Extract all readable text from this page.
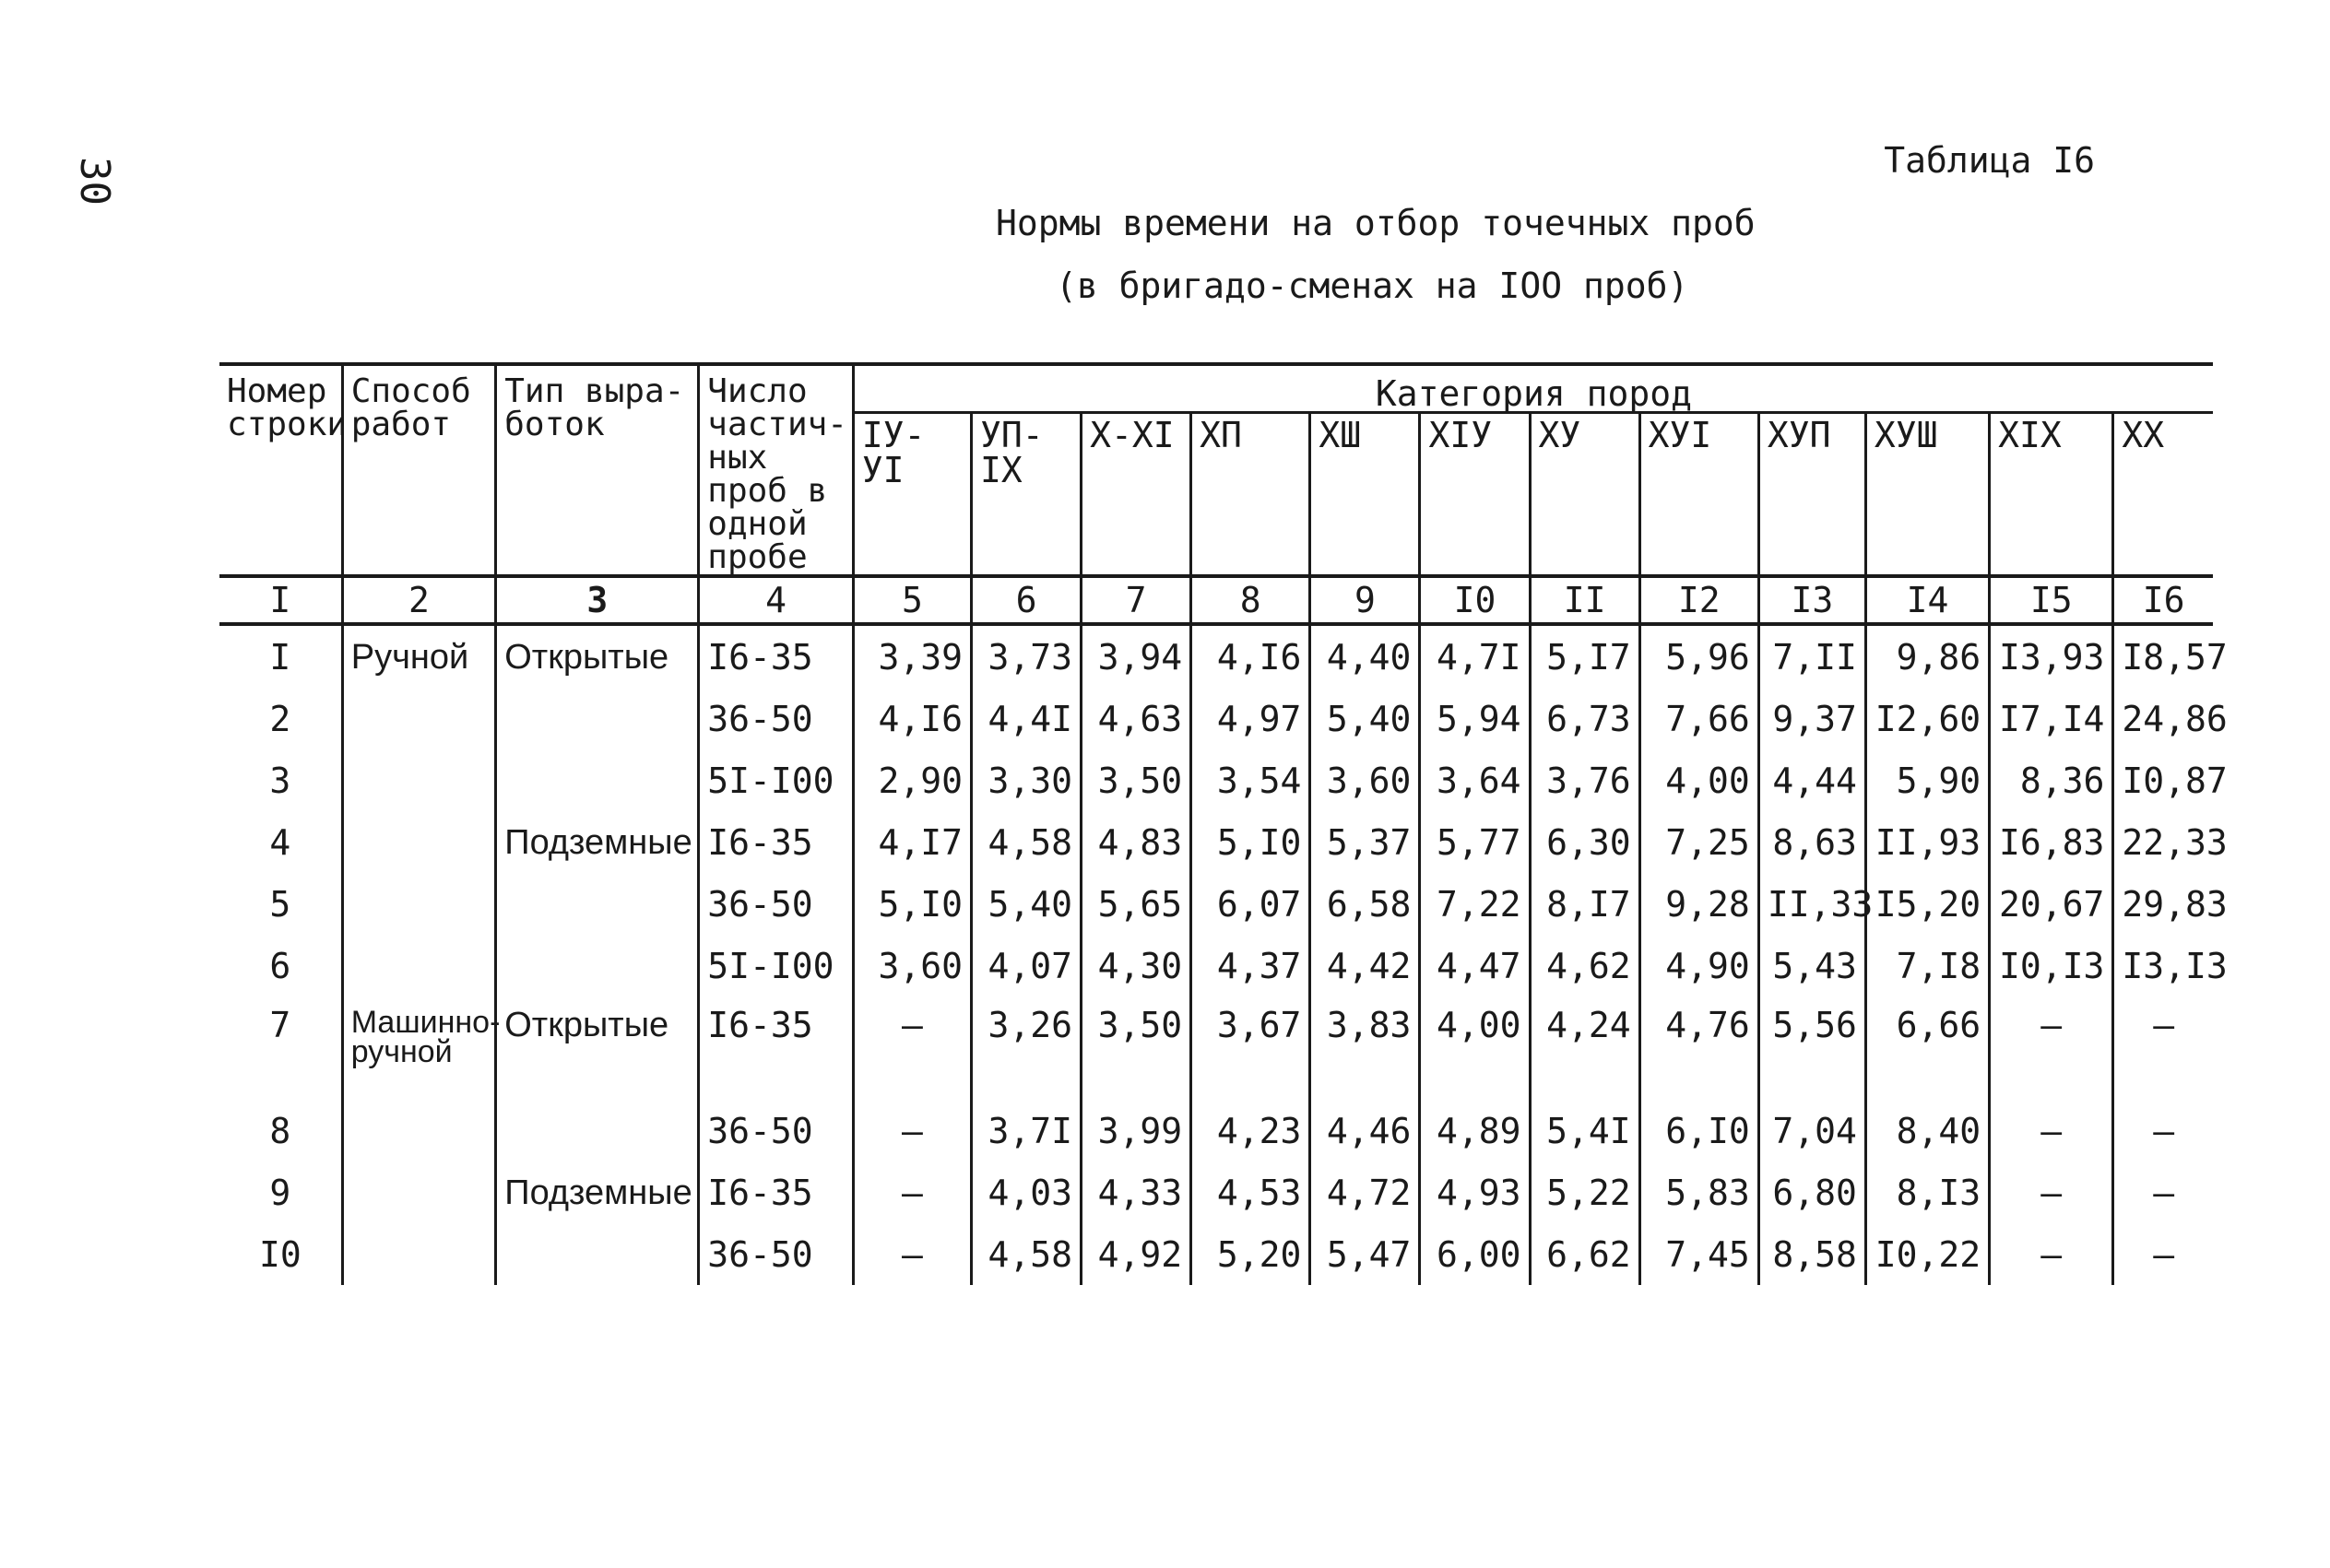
30	Таблица I6
Нормы времени на отбор точечных проб
(в бригадо-сменах на IOO проб)
Номер строки	Способ работ	Тип выра-боток	Число частич-ных проб в одной пробе	Категория пород											
				IУ-УI	УП-IX	X-XI	XП	XШ	XIУ	XУ	XУI	XУП	XУШ	XIX	XX
I	2	3	4	5	6	7	8	9	I0	II	I2	I3	I4	I5	I6
I	Ручной	Открытые	I6-35	3,39	3,73	3,94	4,I6	4,40	4,7I	5,I7	5,96	7,II	9,86	I3,93	I8,57
2			36-50	4,I6	4,4I	4,63	4,97	5,40	5,94	6,73	7,66	9,37	I2,60	I7,I4	24,86
3			5I-I00	2,90	3,30	3,50	3,54	3,60	3,64	3,76	4,00	4,44	5,90	8,36	I0,87
4		Подземные	I6-35	4,I7	4,58	4,83	5,I0	5,37	5,77	6,30	7,25	8,63	II,93	I6,83	22,33
5			36-50	5,I0	5,40	5,65	6,07	6,58	7,22	8,I7	9,28	II,33	I5,20	20,67	29,83
6			5I-I00	3,60	4,07	4,30	4,37	4,42	4,47	4,62	4,90	5,43	7,I8	I0,I3	I3,I3
7	Машинно-ручной	Открытые	I6-35	–	3,26	3,50	3,67	3,83	4,00	4,24	4,76	5,56	6,66	–	–
8			36-50	–	3,7I	3,99	4,23	4,46	4,89	5,4I	6,I0	7,04	8,40	–	–
9		Подземные	I6-35	–	4,03	4,33	4,53	4,72	4,93	5,22	5,83	6,80	8,I3	–	–
I0			36-50	–	4,58	4,92	5,20	5,47	6,00	6,62	7,45	8,58	I0,22	–	–
